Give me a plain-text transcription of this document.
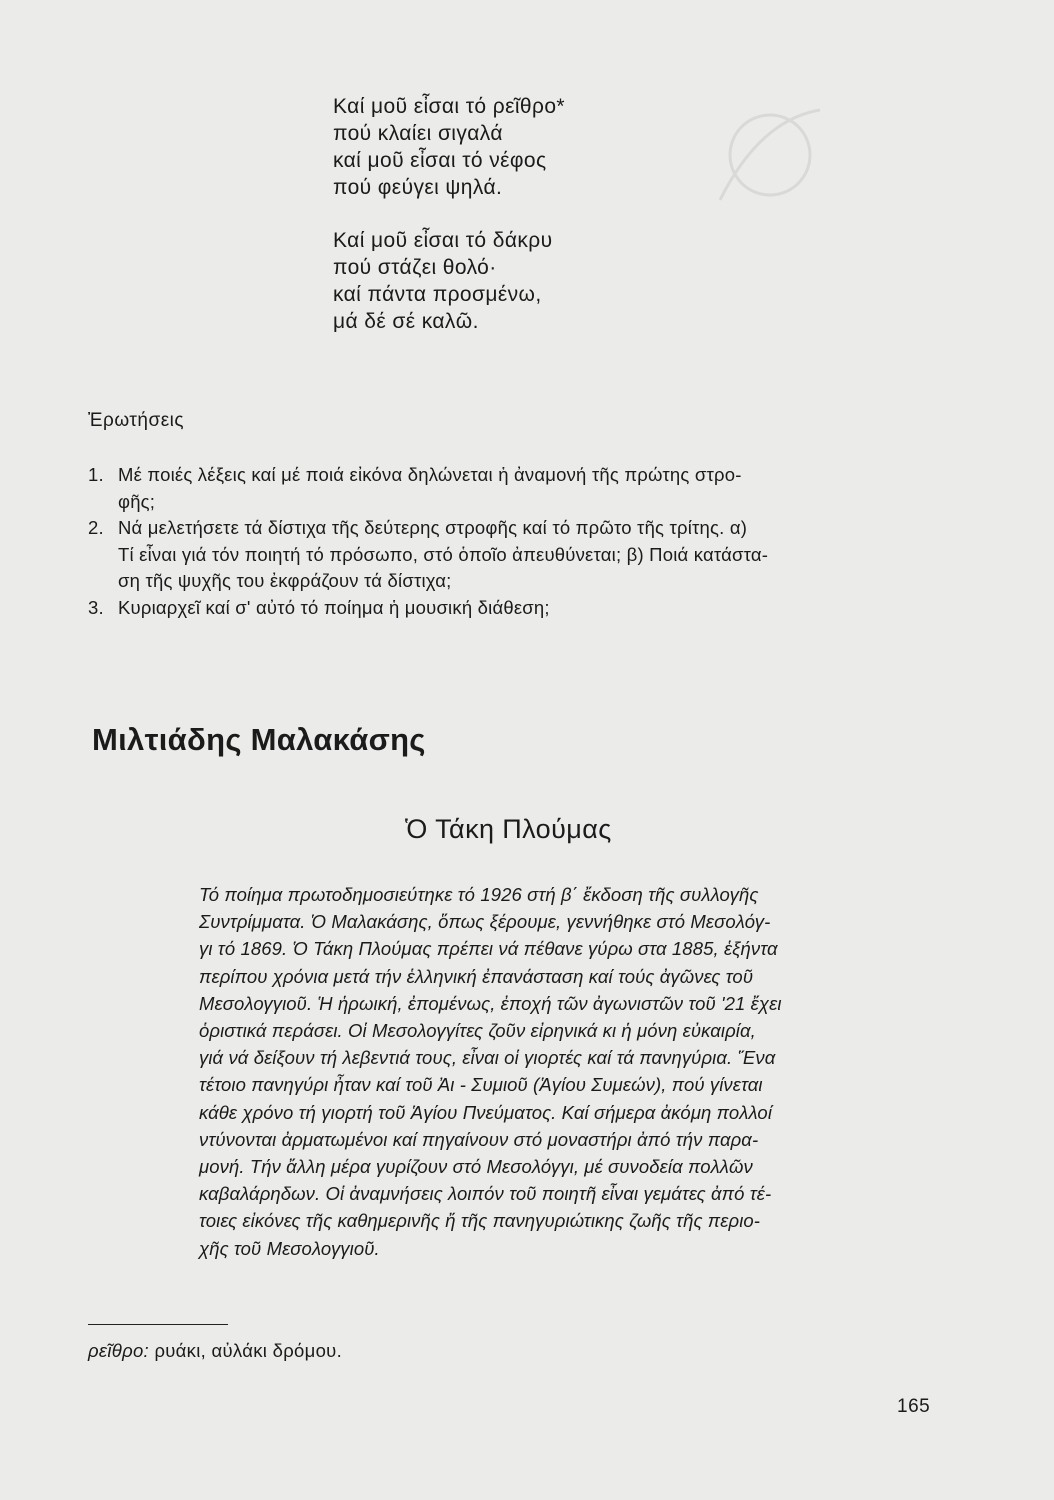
Καί μοῦ εἶσαι τό ρεῖθρο*
πού κλαίει σιγαλά
καί μοῦ εἶσαι τό νέφος
πού φεύγει ψηλά.
Καί μοῦ εἶσαι τό δάκρυ
πού στάζει θολό·
καί πάντα προσμένω,
μά δέ σέ καλῶ.
Ἐρωτήσεις
1. Μέ ποιές λέξεις καί μέ ποιά εἰκόνα δηλώνεται ἡ ἀναμονή τῆς πρώτης στρο-
φῆς;
2. Νά μελετήσετε τά δίστιχα τῆς δεύτερης στροφῆς καί τό πρῶτο τῆς τρίτης. α)
Τί εἶναι γιά τόν ποιητή τό πρόσωπο, στό ὁποῖο ἀπευθύνεται; β) Ποιά κατάστα-
ση τῆς ψυχῆς του ἐκφράζουν τά δίστιχα;
3. Κυριαρχεῖ καί σ' αὐτό τό ποίημα ἡ μουσική διάθεση;
Μιλτιάδης Μαλακάσης
Ὁ Τάκη Πλούμας
Τό ποίημα πρωτοδημοσιεύτηκε τό 1926 στή β΄ ἔκδοση τῆς συλλογῆς
Συντρίμματα. Ὁ Μαλακάσης, ὅπως ξέρουμε, γεννήθηκε στό Μεσολόγ-
γι τό 1869. Ὁ Τάκη Πλούμας πρέπει νά πέθανε γύρω στα 1885, ἑξήντα
περίπου χρόνια μετά τήν ἑλληνική ἐπανάσταση καί τούς ἀγῶνες τοῦ
Μεσολογγιοῦ. Ἡ ἡρωική, ἐπομένως, ἐποχή τῶν ἀγωνιστῶν τοῦ '21 ἔχει
ὁριστικά περάσει. Οἱ Μεσολογγίτες ζοῦν εἰρηνικά κι ἡ μόνη εὐκαιρία,
γιά νά δείξουν τή λεβεντιά τους, εἶναι οἱ γιορτές καί τά πανηγύρια. Ἕνα
τέτοιο πανηγύρι ἦταν καί τοῦ Ἀι - Συμιοῦ (Ἁγίου Συμεών), πού γίνεται
κάθε χρόνο τή γιορτή τοῦ Ἁγίου Πνεύματος. Καί σήμερα ἀκόμη πολλοί
ντύνονται ἀρματωμένοι καί πηγαίνουν στό μοναστήρι ἀπό τήν παρα-
μονή. Τήν ἄλλη μέρα γυρίζουν στό Μεσολόγγι, μέ συνοδεία πολλῶν
καβαλάρηδων. Οἱ ἀναμνήσεις λοιπόν τοῦ ποιητῆ εἶναι γεμάτες ἀπό τέ-
τοιες εἰκόνες τῆς καθημερινῆς ἤ τῆς πανηγυριώτικης ζωῆς τῆς περιο-
χῆς τοῦ Μεσολογγιοῦ.
ρεῖθρο: ρυάκι, αὐλάκι δρόμου.
165
